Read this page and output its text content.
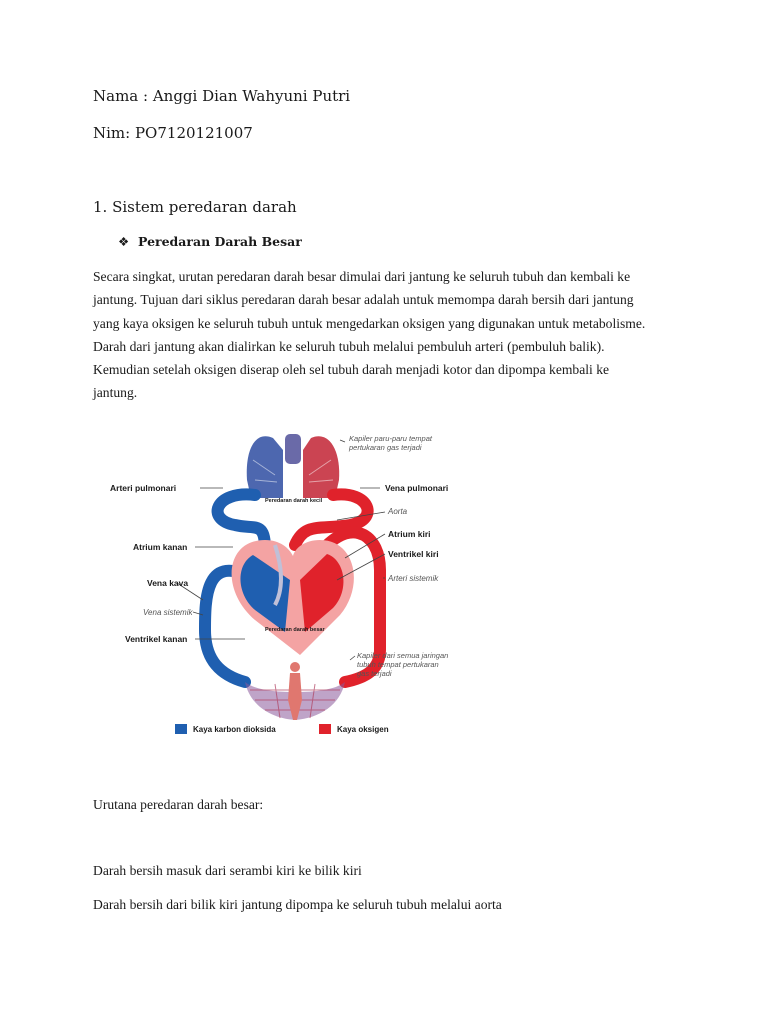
Nama : Anggi Dian Wahyuni Putri
Nim: PO7120121007
1. Sistem peredaran darah
❖ Peredaran Darah Besar
Secara singkat, urutan peredaran darah besar dimulai dari jantung ke seluruh tubuh dan kembali ke
jantung. Tujuan dari siklus peredaran darah besar adalah untuk memompa darah bersih dari jantung
yang kaya oksigen ke seluruh tubuh untuk mengedarkan oksigen yang digunakan untuk metabolisme.
Darah dari jantung akan dialirkan ke seluruh tubuh melalui pembuluh arteri (pembuluh balik).
Kemudian setelah oksigen diserap oleh sel tubuh darah menjadi kotor dan dipompa kembali ke
jantung.
Arteri pulmonari
Atrium kanan
Vena kava
Vena sistemik
Ventrikel kanan
Kapiler paru-paru tempat
pertukaran gas terjadi
Vena pulmonari
Aorta
Atrium kiri
Ventrikel kiri
Arteri sistemik
Kapiler dari semua jaringan
tubuh tempat pertukaran
gas terjadi
Peredaran darah kecil
Peredaran darah besar
Kaya karbon dioksida	Kaya oksigen
Urutana peredaran darah besar:
Darah bersih masuk dari serambi kiri ke bilik kiri
Darah bersih dari bilik kiri jantung dipompa ke seluruh tubuh melalui aorta
